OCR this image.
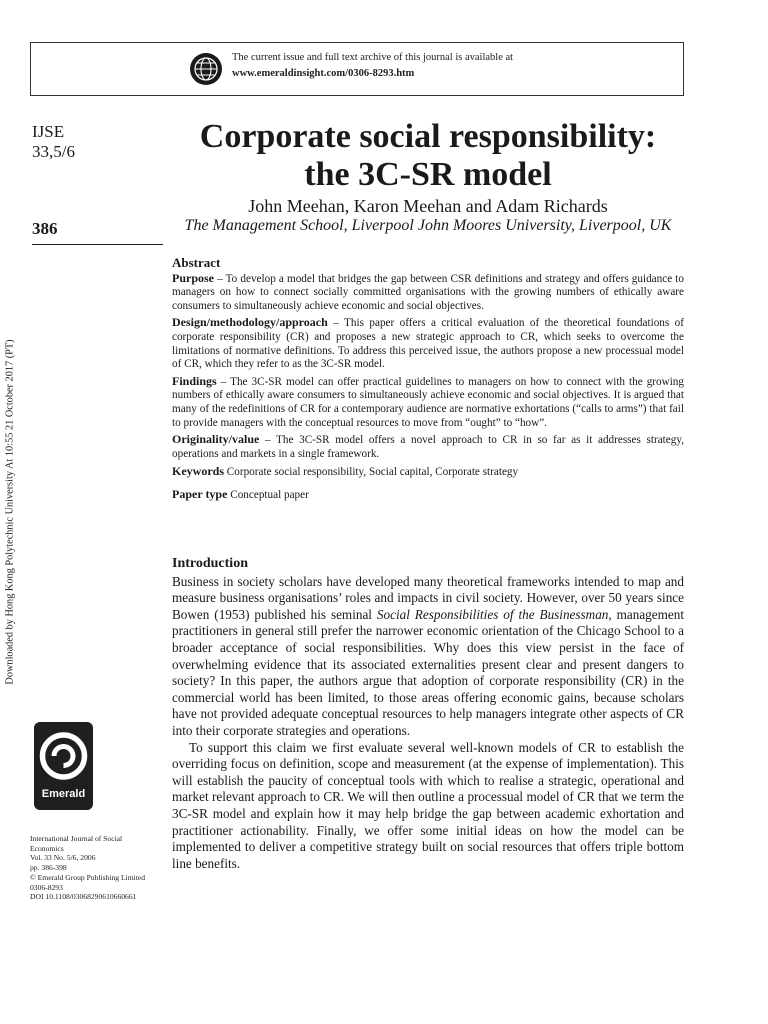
The current issue and full text archive of this journal is available at
www.emeraldinsight.com/0306-8293.htm
IJSE
33,5/6
386
Corporate social responsibility:
the 3C-SR model
John Meehan, Karon Meehan and Adam Richards
The Management School, Liverpool John Moores University, Liverpool, UK
Abstract

Purpose – To develop a model that bridges the gap between CSR definitions and strategy and offers guidance to managers on how to connect socially committed organisations with the growing numbers of ethically aware consumers to simultaneously achieve economic and social objectives.

Design/methodology/approach – This paper offers a critical evaluation of the theoretical foundations of corporate responsibility (CR) and proposes a new strategic approach to CR, which seeks to overcome the limitations of normative definitions. To address this perceived issue, the authors propose a new processual model of CR, which they refer to as the 3C-SR model.

Findings – The 3C-SR model can offer practical guidelines to managers on how to connect with the growing numbers of ethically aware consumers to simultaneously achieve economic and social objectives. It is argued that many of the redefinitions of CR for a contemporary audience are normative exhortations (“calls to arms”) that fail to provide managers with the conceptual resources to move from “ought” to “how”.

Originality/value – The 3C-SR model offers a novel approach to CR in so far as it addresses strategy, operations and markets in a single framework.

Keywords Corporate social responsibility, Social capital, Corporate strategy

Paper type Conceptual paper

Introduction

Business in society scholars have developed many theoretical frameworks intended to map and measure business organisations’ roles and impacts in civil society. However, over 50 years since Bowen (1953) published his seminal Social Responsibilities of the Businessman, management practitioners in general still prefer the narrower economic orientation of the Chicago School to a broader acceptance of social responsibilities. Why does this view persist in the face of overwhelming evidence that its associated externalities present clear and present dangers to society? In this paper, the authors argue that adoption of corporate responsibility (CR) in the commercial world has been limited, to those areas offering economic gains, because scholars have not provided adequate conceptual resources to help managers integrate other aspects of CR into their corporate strategies and operations.

To support this claim we first evaluate several well-known models of CR to establish the overriding focus on definition, scope and measurement (at the expense of implementation). This will establish the paucity of conceptual tools with which to realise a strategic, operational and market relevant approach to CR. We will then outline a processual model of CR that we term the 3C-SR model and explain how it may help bridge the gap between academic exhortation and practitioner actionability. Finally, we offer some initial ideas on how the model can be implemented to deliver a competitive strategy built on social resources that offers triple bottom line benefits.

Downloaded by Hong Kong Polytechnic University At 10:55 21 October 2017 (PT)
Emerald
International Journal of Social
Economics
Vol. 33 No. 5/6, 2006
pp. 386-398
© Emerald Group Publishing Limited
0306-8293
DOI 10.1108/03068290610660661
